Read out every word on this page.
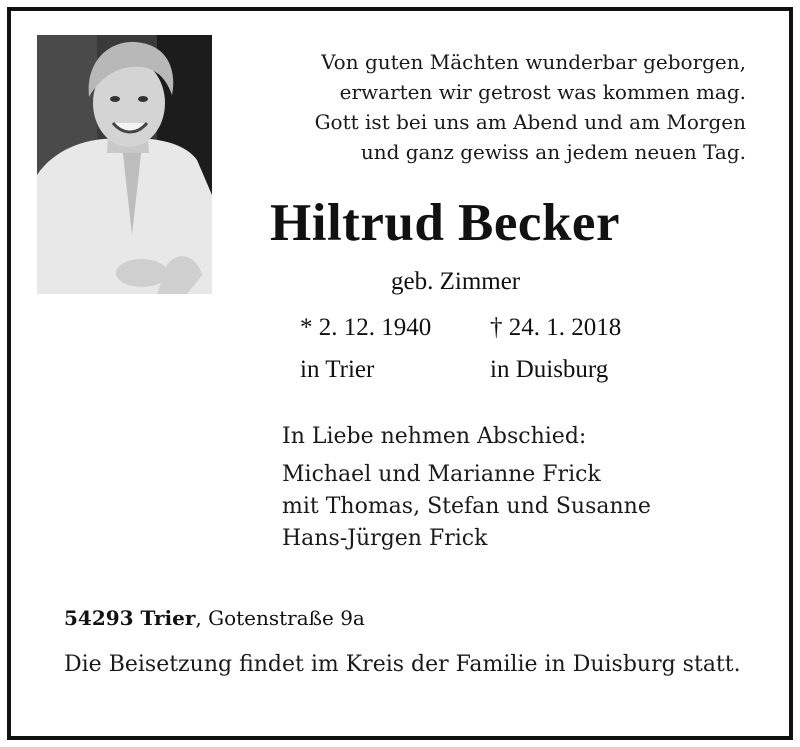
Von guten Mächten wunderbar geborgen,
erwarten wir getrost was kommen mag.
Gott ist bei uns am Abend und am Morgen
und ganz gewiss an jedem neuen Tag.
Hiltrud Becker
geb. Zimmer
* 2. 12. 1940	† 24. 1. 2018
in Trier	in Duisburg
In Liebe nehmen Abschied:
Michael und Marianne Frick
mit Thomas, Stefan und Susanne
Hans-Jürgen Frick
54293 Trier, Gotenstraße 9a
Die Beisetzung findet im Kreis der Familie in Duisburg statt.
